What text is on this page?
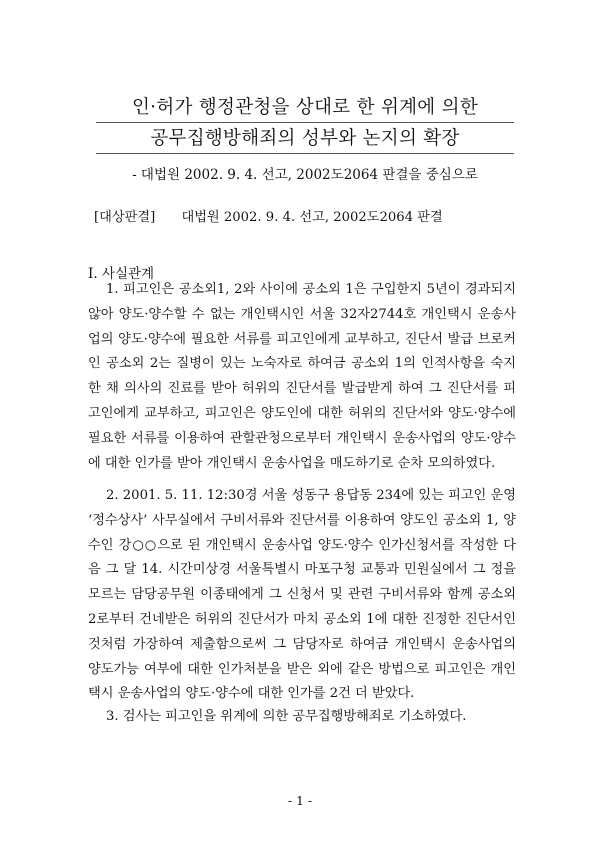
인·허가 행정관청을 상대로 한 위계에 의한
공무집행방해죄의 성부와 논지의 확장
- 대법원 2002. 9. 4. 선고, 2002도2064 판결을 중심으로
[대상판결] 대법원 2002. 9. 4. 선고, 2002도2064 판결
I. 사실관계

1. 피고인은 공소외1, 2와 사이에 공소외 1은 구입한지 5년이 경과되지 않아 양도·양수할 수 없는 개인택시인 서울 32자2744호 개인택시 운송사업의 양도·양수에 필요한 서류를 피고인에게 교부하고, 진단서 발급 브로커인 공소외 2는 질병이 있는 노숙자로 하여금 공소외 1의 인적사항을 숙지한 채 의사의 진료를 받아 허위의 진단서를 발급받게 하여 그 진단서를 피고인에게 교부하고, 피고인은 양도인에 대한 허위의 진단서와 양도·양수에 필요한 서류를 이용하여 관할관청으로부터 개인택시 운송사업의 양도·양수에 대한 인가를 받아 개인택시 운송사업을 매도하기로 순차 모의하였다.

2. 2001. 5. 11. 12:30경 서울 성동구 용답동 234에 있는 피고인 운영 ‘정수상사’ 사무실에서 구비서류와 진단서를 이용하여 양도인 공소외 1, 양수인 강○○으로 된 개인택시 운송사업 양도·양수 인가신청서를 작성한 다음 그 달 14. 시간미상경 서울특별시 마포구청 교통과 민원실에서 그 정을 모르는 담당공무원 이종태에게 그 신청서 및 관련 구비서류와 함께 공소외 2로부터 건네받은 허위의 진단서가 마치 공소외 1에 대한 진정한 진단서인 것처럼 가장하여 제출함으로써 그 담당자로 하여금 개인택시 운송사업의 양도가능 여부에 대한 인가처분을 받은 외에 같은 방법으로 피고인은 개인택시 운송사업의 양도·양수에 대한 인가를 2건 더 받았다.

3. 검사는 피고인을 위계에 의한 공무집행방해죄로 기소하였다.

- 1 -
